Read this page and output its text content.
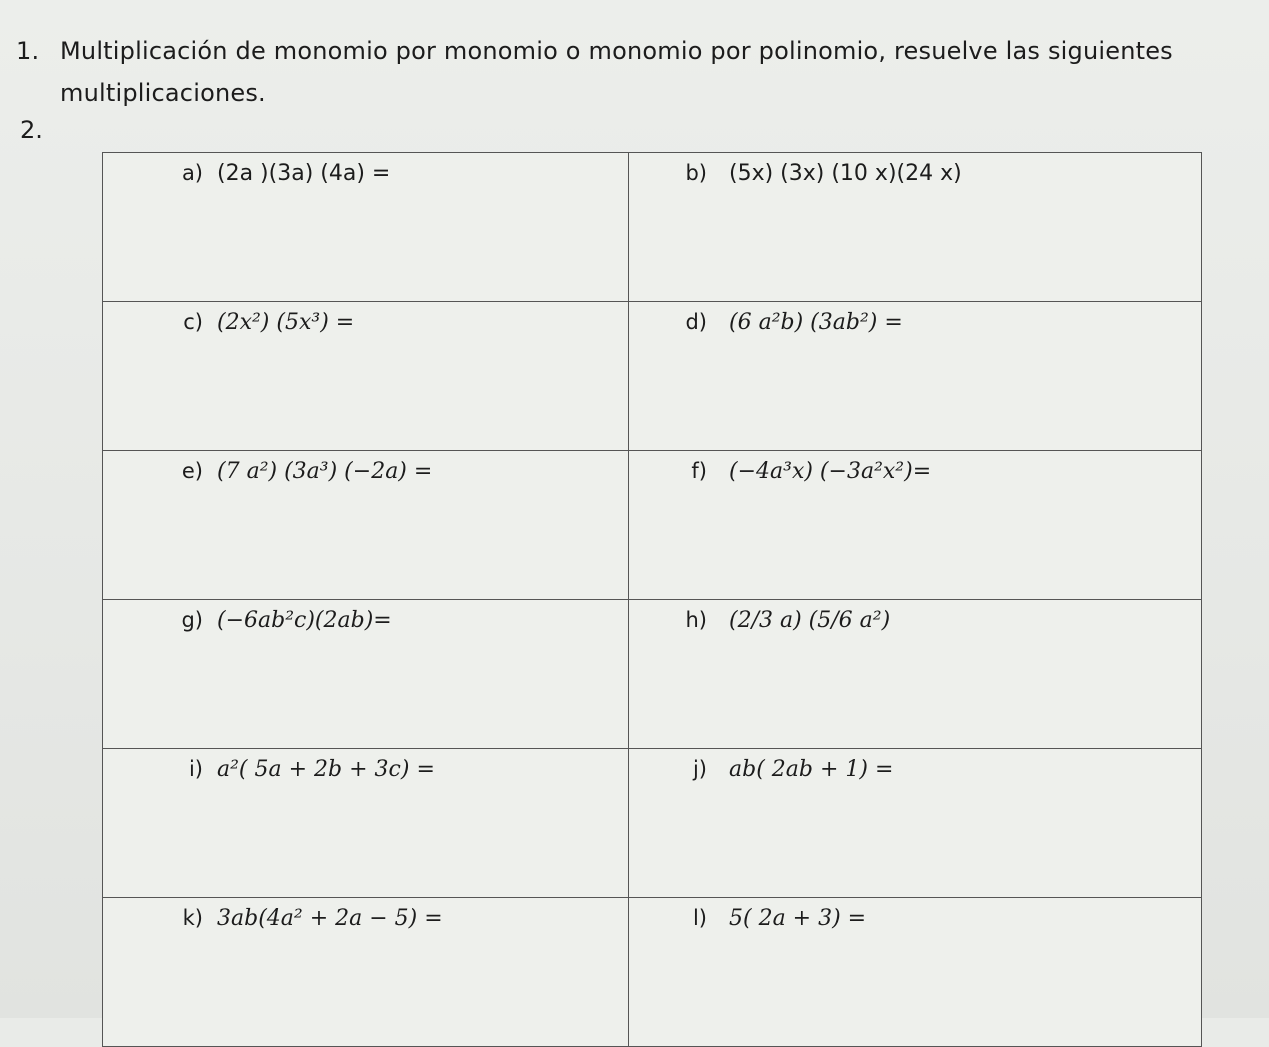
1. Multiplicación de monomio por monomio o monomio por polinomio, resuelve las siguientes
multiplicaciones.
2.
a) (2a )(3a) (4a) =	b) (5x) (3x) (10 x)(24 x)

c) (2x²) (5x³) =	d) (6 a²b) (3ab²) =

e) (7 a²) (3a³) (−2a) =	f) (−4a³x) (−3a²x²)=

g) (−6ab²c)(2ab)=	h) (2/3 a) (5/6 a²)

i) a²( 5a + 2b + 3c) =	j) ab( 2ab + 1) =

k) 3ab(4a² + 2a − 5) =	l) 5( 2a + 3) =
